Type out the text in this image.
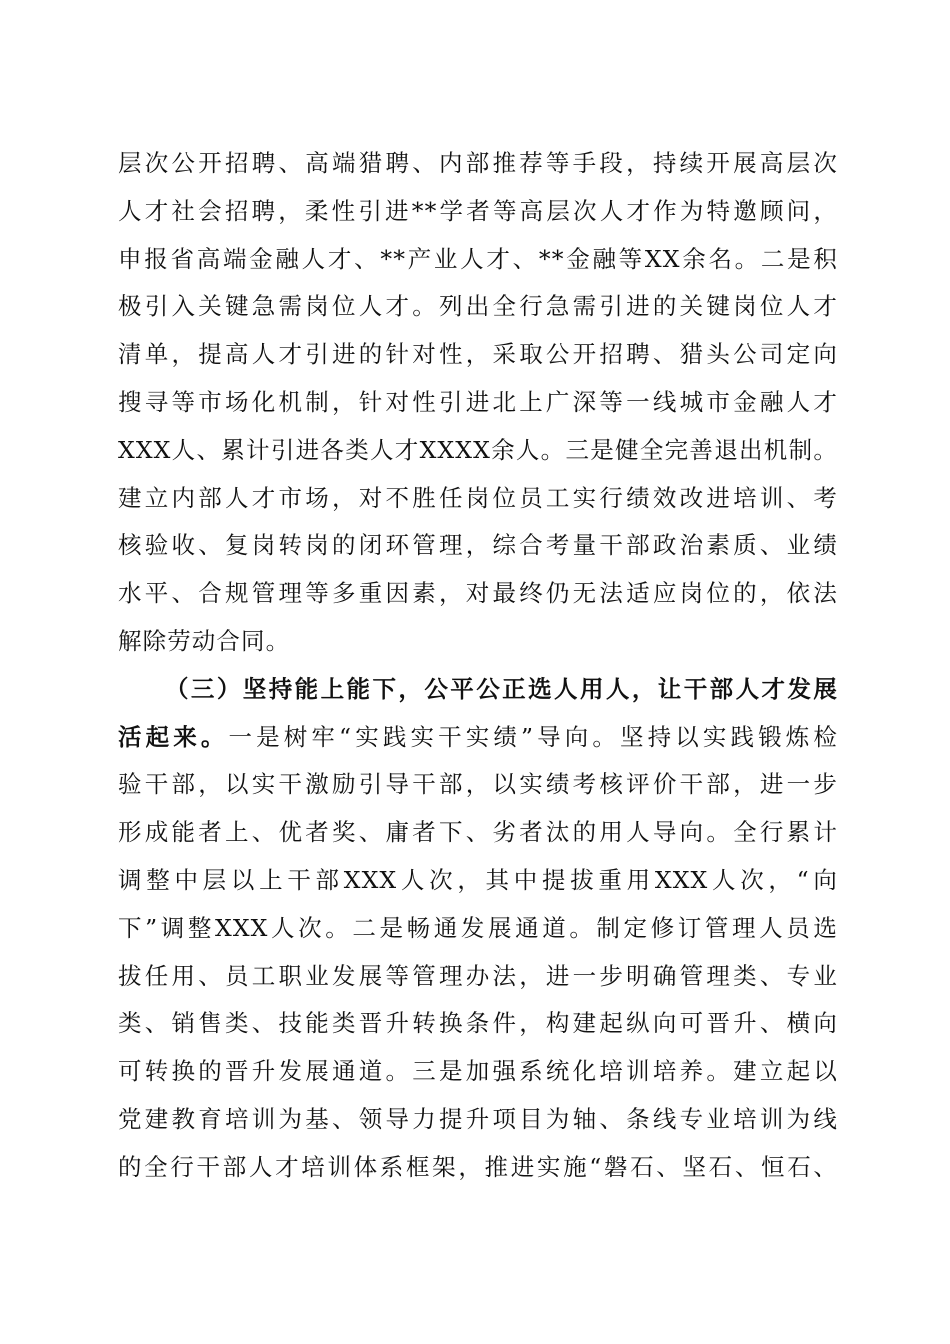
层次公开招聘、高端猎聘、内部推荐等手段，持续开展高层次
人才社会招聘，柔性引进**学者等高层次人才作为特邀顾问，
申报省高端金融人才、**产业人才、**金融等XX余名。二是积
极引入关键急需岗位人才。列出全行急需引进的关键岗位人才
清单，提高人才引进的针对性，采取公开招聘、猎头公司定向
搜寻等市场化机制，针对性引进北上广深等一线城市金融人才
XXX人、累计引进各类人才XXXX余人。三是健全完善退出机制。
建立内部人才市场，对不胜任岗位员工实行绩效改进培训、考
核验收、复岗转岗的闭环管理，综合考量干部政治素质、业绩
水平、合规管理等多重因素，对最终仍无法适应岗位的，依法
解除劳动合同。
（三）坚持能上能下，公平公正选人用人，让干部人才发展
活起来。一是树牢“实践实干实绩”导向。坚持以实践锻炼检
验干部，以实干激励引导干部，以实绩考核评价干部，进一步
形成能者上、优者奖、庸者下、劣者汰的用人导向。全行累计
调整中层以上干部XXX人次，其中提拔重用XXX人次，“向
下”调整XXX人次。二是畅通发展通道。制定修订管理人员选
拔任用、员工职业发展等管理办法，进一步明确管理类、专业
类、销售类、技能类晋升转换条件，构建起纵向可晋升、横向
可转换的晋升发展通道。三是加强系统化培训培养。建立起以
党建教育培训为基、领导力提升项目为轴、条线专业培训为线
的全行干部人才培训体系框架，推进实施“磐石、坚石、恒石、
